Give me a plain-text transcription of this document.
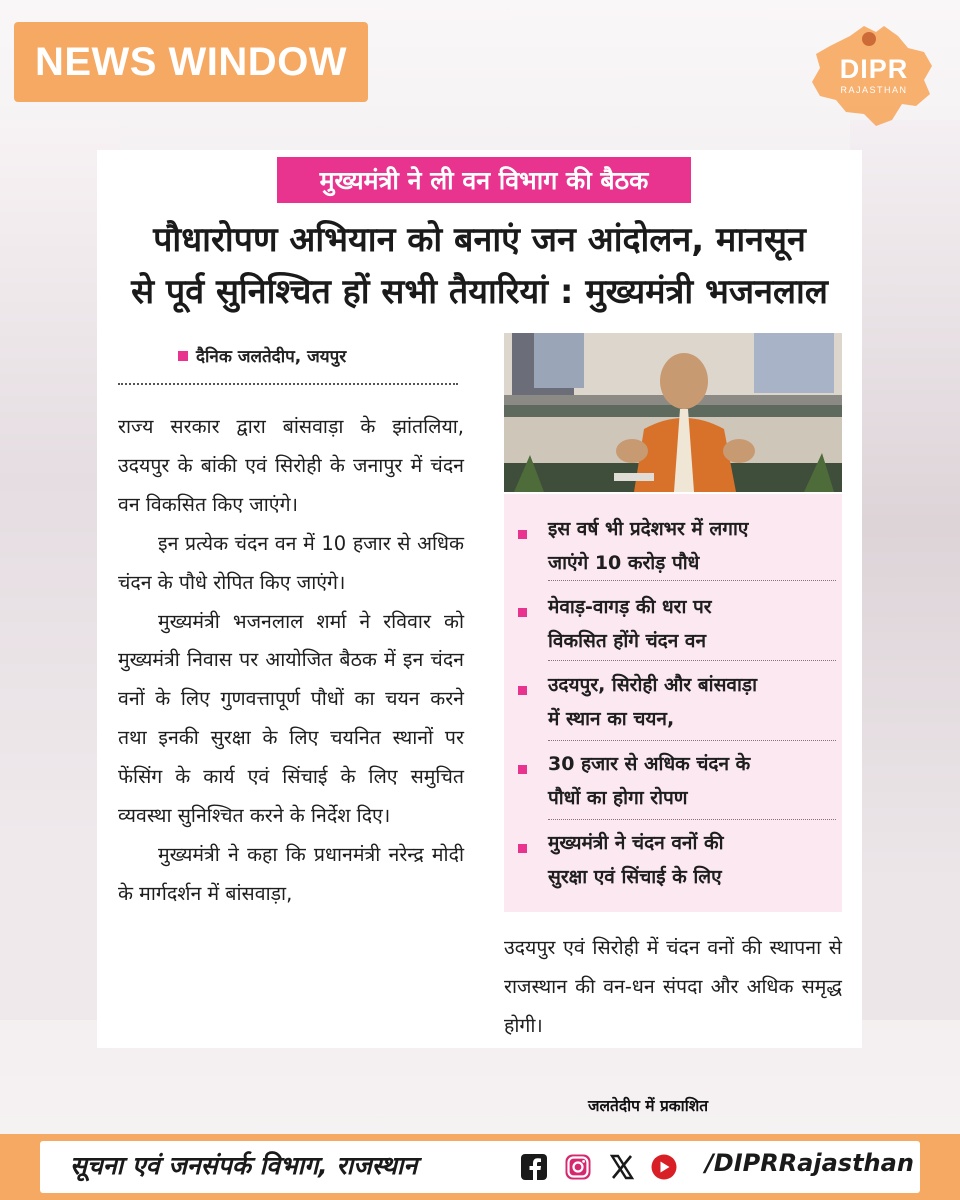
NEWS WINDOW	DIPR
RAJASTHAN
मुख्यमंत्री ने ली वन विभाग की बैठक
पौधारोपण अभियान को बनाएं जन आंदोलन, मानसून
से पूर्व सुनिश्चित हों सभी तैयारियां : मुख्यमंत्री भजनलाल
दैनिक जलतेदीप, जयपुर

राज्य सरकार द्वारा बांसवाड़ा के झांतलिया, उदयपुर के बांकी एवं सिरोही के जनापुर में चंदन वन विकसित किए जाएंगे।

इन प्रत्येक चंदन वन में 10 हजार से अधिक चंदन के पौधे रोपित किए जाएंगे।

मुख्यमंत्री भजनलाल शर्मा ने रविवार को मुख्यमंत्री निवास पर आयोजित बैठक में इन चंदन वनों के लिए गुणवत्तापूर्ण पौधों का चयन करने तथा इनकी सुरक्षा के लिए चयनित स्थानों पर फेंसिंग के कार्य एवं सिंचाई के लिए समुचित व्यवस्था सुनिश्चित करने के निर्देश दिए।

मुख्यमंत्री ने कहा कि प्रधानमंत्री नरेन्द्र मोदी के मार्गदर्शन में बांसवाड़ा,

इस वर्ष भी प्रदेशभर में लगाए
जाएंगे 10 करोड़ पौधे
मेवाड़-वागड़ की धरा पर
विकसित होंगे चंदन वन
उदयपुर, सिरोही और बांसवाड़ा
में स्थान का चयन,
30 हजार से अधिक चंदन के
पौधों का होगा रोपण
मुख्यमंत्री ने चंदन वनों की
सुरक्षा एवं सिंचाई के लिए
उदयपुर एवं सिरोही में चंदन वनों की स्थापना से राजस्थान की वन-धन संपदा और अधिक समृद्ध होगी।
जलतेदीप में प्रकाशित
सूचना एवं जनसंपर्क विभाग, राजस्थान	/DIPRRajasthan
